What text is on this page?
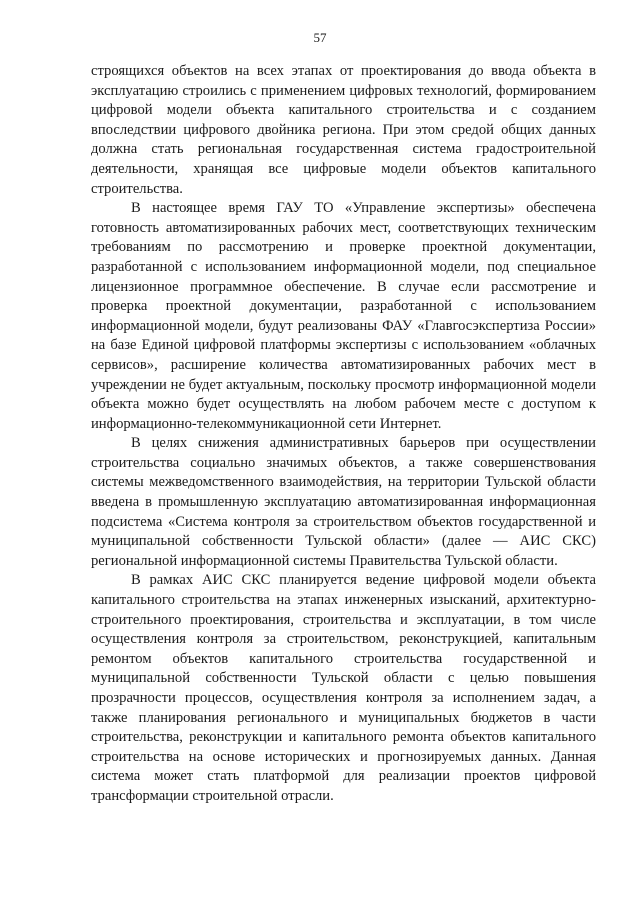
57

строящихся объектов на всех этапах от проектирования до ввода объекта в эксплуатацию строились с применением цифровых технологий, формированием цифровой модели объекта капитального строительства и с созданием впоследствии цифрового двойника региона. При этом средой общих данных должна стать региональная государственная система градостроительной деятельности, хранящая все цифровые модели объектов капитального строительства.

В настоящее время ГАУ ТО «Управление экспертизы» обеспечена готовность автоматизированных рабочих мест, соответствующих техническим требованиям по рассмотрению и проверке проектной документации, разработанной с использованием информационной модели, под специальное лицензионное программное обеспечение. В случае если рассмотрение и проверка проектной документации, разработанной с использованием информационной модели, будут реализованы ФАУ «Главгосэкспертиза России» на базе Единой цифровой платформы экспертизы с использованием «облачных сервисов», расширение количества автоматизированных рабочих мест в учреждении не будет актуальным, поскольку просмотр информационной модели объекта можно будет осуществлять на любом рабочем месте с доступом к информационно-телекоммуникационной сети Интернет.

В целях снижения административных барьеров при осуществлении строительства социально значимых объектов, а также совершенствования системы межведомственного взаимодействия, на территории Тульской области введена в промышленную эксплуатацию автоматизированная информационная подсистема «Система контроля за строительством объектов государственной и муниципальной собственности Тульской области» (далее — АИС СКС) региональной информационной системы Правительства Тульской области.

В рамках АИС СКС планируется ведение цифровой модели объекта капитального строительства на этапах инженерных изысканий, архитектурно-строительного проектирования, строительства и эксплуатации, в том числе осуществления контроля за строительством, реконструкцией, капитальным ремонтом объектов капитального строительства государственной и муниципальной собственности Тульской области с целью повышения прозрачности процессов, осуществления контроля за исполнением задач, а также планирования регионального и муниципальных бюджетов в части строительства, реконструкции и капитального ремонта объектов капитального строительства на основе исторических и прогнозируемых данных. Данная система может стать платформой для реализации проектов цифровой трансформации строительной отрасли.
